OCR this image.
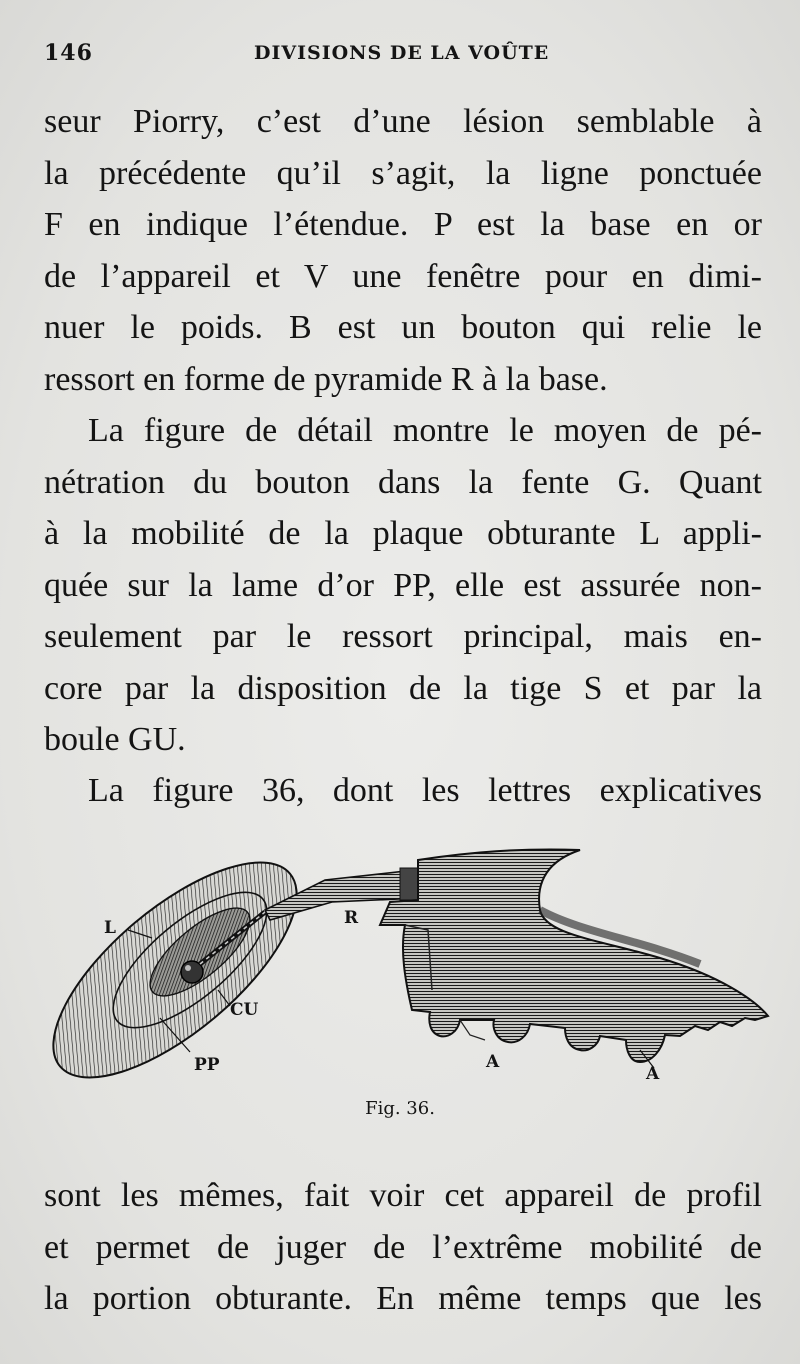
146	DIVISIONS DE LA VOÛTE
seur Piorry, c’est d’une lésion semblable à
la précédente qu’il s’agit, la ligne ponctuée
F en indique l’étendue. P est la base en or
de l’appareil et V une fenêtre pour en dimi-
nuer le poids. B est un bouton qui relie le
ressort en forme de pyramide R à la base.
La figure de détail montre le moyen de pé-
nétration du bouton dans la fente G. Quant
à la mobilité de la plaque obturante L appli-
quée sur la lame d’or PP, elle est assurée non-
seulement par le ressort principal, mais en-
core par la disposition de la tige S et par la
boule GU.
La figure 36, dont les lettres explicatives
L	R
CU
PP	A
A
Fig. 36.
sont les mêmes, fait voir cet appareil de profil
et permet de juger de l’extrême mobilité de
la portion obturante. En même temps que les
